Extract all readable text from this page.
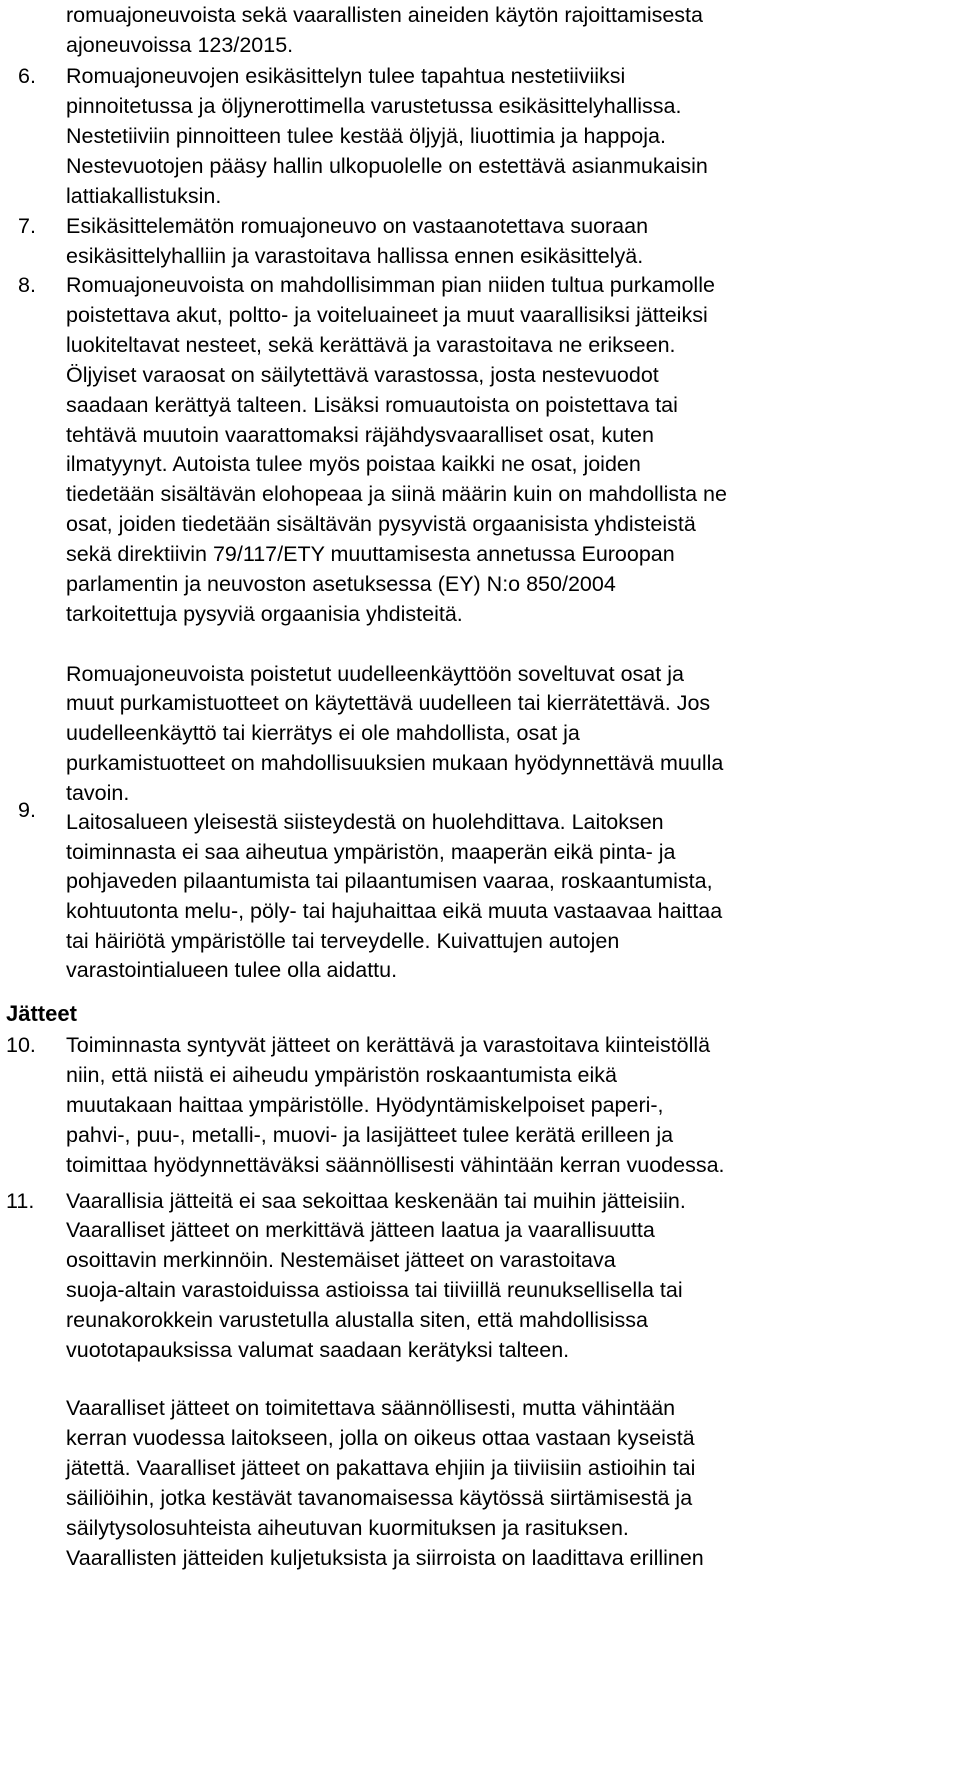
romuajoneuvoista sekä vaarallisten aineiden käytön rajoittamisesta
ajoneuvoissa 123/2015.
Romuajoneuvojen esikäsittelyn tulee tapahtua nestetiiviiksi
pinnoitetussa ja öljynerottimella varustetussa esikäsittelyhallissa.
Nestetiiviin pinnoitteen tulee kestää öljyjä, liuottimia ja happoja.
Nestevuotojen pääsy hallin ulkopuolelle on estettävä asianmukaisin
lattiakallistuksin.
Esikäsittelemätön romuajoneuvo on vastaanotettava suoraan
esikäsittelyhalliin ja varastoitava hallissa ennen esikäsittelyä.
Romuajoneuvoista on mahdollisimman pian niiden tultua purkamolle
poistettava akut, poltto- ja voiteluaineet ja muut vaarallisiksi jätteiksi
luokiteltavat nesteet, sekä kerättävä ja varastoitava ne erikseen.
Öljyiset varaosat on säilytettävä varastossa, josta nestevuodot
saadaan kerättyä talteen. Lisäksi romuautoista on poistettava tai
tehtävä muutoin vaarattomaksi räjähdysvaaralliset osat, kuten
ilmatyynyt. Autoista tulee myös poistaa kaikki ne osat, joiden
tiedetään sisältävän elohopeaa ja siinä määrin kuin on mahdollista ne
osat, joiden tiedetään sisältävän pysyvistä orgaanisista yhdisteistä
sekä direktiivin 79/117/ETY muuttamisesta annetussa Euroopan
parlamentin ja neuvoston asetuksessa (EY) N:o 850/2004
tarkoitettuja pysyviä orgaanisia yhdisteitä.
Romuajoneuvoista poistetut uudelleenkäyttöön soveltuvat osat ja
muut purkamistuotteet on käytettävä uudelleen tai kierrätettävä. Jos
uudelleenkäyttö tai kierrätys ei ole mahdollista, osat ja
purkamistuotteet on mahdollisuuksien mukaan hyödynnettävä muulla
tavoin.
Laitosalueen yleisestä siisteydestä on huolehdittava. Laitoksen
toiminnasta ei saa aiheutua ympäristön, maaperän eikä pinta- ja
pohjaveden pilaantumista tai pilaantumisen vaaraa, roskaantumista,
kohtuutonta melu-, pöly- tai hajuhaittaa eikä muuta vastaavaa haittaa
tai häiriötä ympäristölle tai terveydelle. Kuivattujen autojen
varastointialueen tulee olla aidattu.
Toiminnasta syntyvät jätteet on kerättävä ja varastoitava kiinteistöllä
niin, että niistä ei aiheudu ympäristön roskaantumista eikä
muutakaan haittaa ympäristölle. Hyödyntämiskelpoiset paperi-,
pahvi-, puu-, metalli-, muovi- ja lasijätteet tulee kerätä erilleen ja
toimittaa hyödynnettäväksi säännöllisesti vähintään kerran vuodessa.
Vaarallisia jätteitä ei saa sekoittaa keskenään tai muihin jätteisiin.
Vaaralliset jätteet on merkittävä jätteen laatua ja vaarallisuutta
osoittavin merkinnöin. Nestemäiset jätteet on varastoitava
suoja-altain varastoiduissa astioissa tai tiiviillä reunuksellisella tai
reunakorokkein varustetulla alustalla siten, että mahdollisissa
vuototapauksissa valumat saadaan kerätyksi talteen.
Vaaralliset jätteet on toimitettava säännöllisesti, mutta vähintään
kerran vuodessa laitokseen, jolla on oikeus ottaa vastaan kyseistä
jätettä. Vaaralliset jätteet on pakattava ehjiin ja tiiviisiin astioihin tai
säiliöihin, jotka kestävät tavanomaisessa käytössä siirtämisestä ja
säilytysolosuhteista aiheutuvan kuormituksen ja rasituksen.
Vaarallisten jätteiden kuljetuksista ja siirroista on laadittava erillinen
6.
7.
8.
9.
Jätteet
10.
11.
